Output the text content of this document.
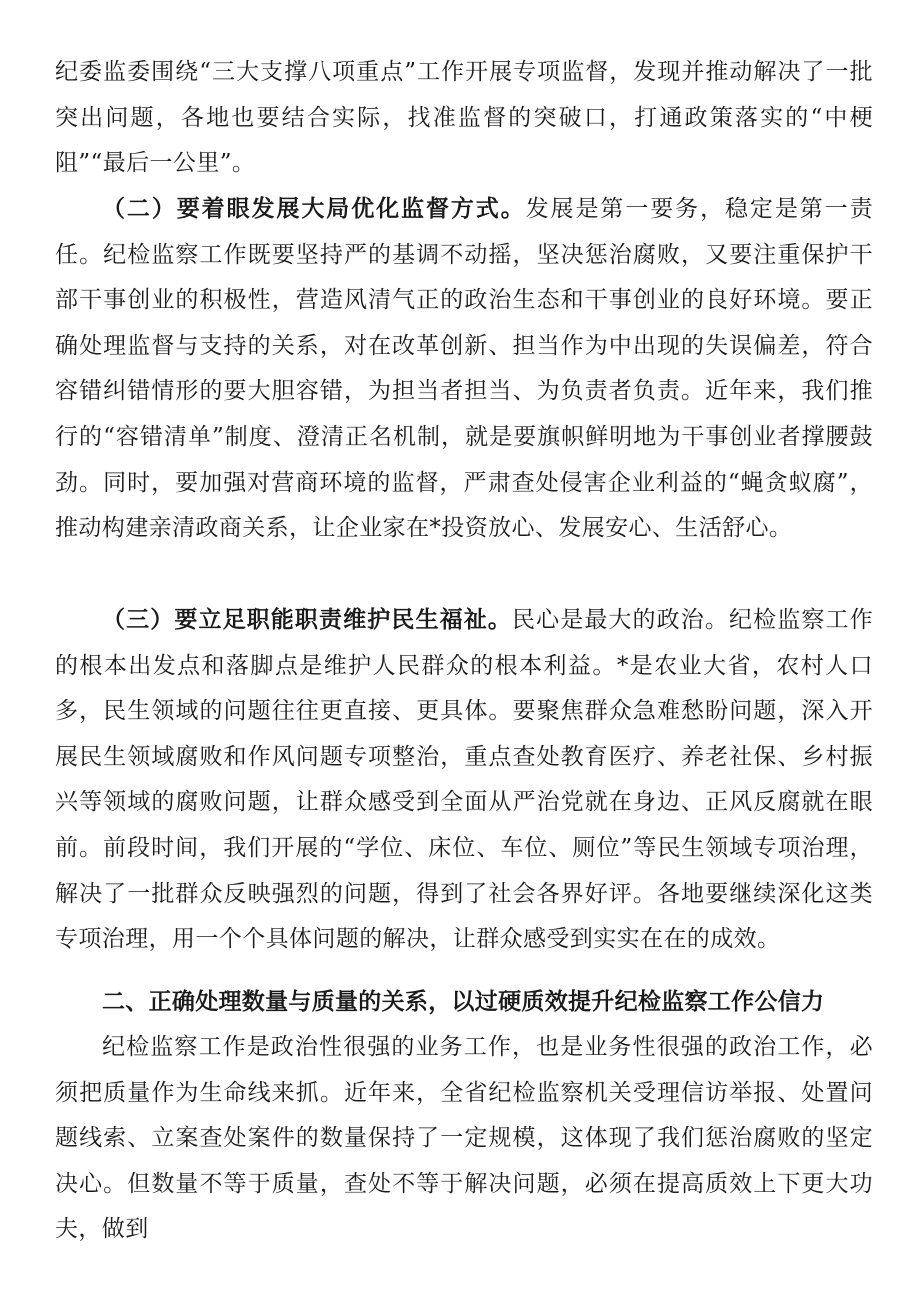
纪委监委围绕“三大支撑八项重点”工作开展专项监督，发现并推动解决了一批突出问题，各地也要结合实际，找准监督的突破口，打通政策落实的“中梗阻”“最后一公里”。

（二）要着眼发展大局优化监督方式。发展是第一要务，稳定是第一责任。纪检监察工作既要坚持严的基调不动摇，坚决惩治腐败，又要注重保护干部干事创业的积极性，营造风清气正的政治生态和干事创业的良好环境。要正确处理监督与支持的关系，对在改革创新、担当作为中出现的失误偏差，符合容错纠错情形的要大胆容错，为担当者担当、为负责者负责。近年来，我们推行的“容错清单”制度、澄清正名机制，就是要旗帜鲜明地为干事创业者撑腰鼓劲。同时，要加强对营商环境的监督，严肃查处侵害企业利益的“蝇贪蚁腐”，推动构建亲清政商关系，让企业家在*投资放心、发展安心、生活舒心。

（三）要立足职能职责维护民生福祉。民心是最大的政治。纪检监察工作的根本出发点和落脚点是维护人民群众的根本利益。*是农业大省，农村人口多，民生领域的问题往往更直接、更具体。要聚焦群众急难愁盼问题，深入开展民生领域腐败和作风问题专项整治，重点查处教育医疗、养老社保、乡村振兴等领域的腐败问题，让群众感受到全面从严治党就在身边、正风反腐就在眼前。前段时间，我们开展的“学位、床位、车位、厕位”等民生领域专项治理，解决了一批群众反映强烈的问题，得到了社会各界好评。各地要继续深化这类专项治理，用一个个具体问题的解决，让群众感受到实实在在的成效。

二、正确处理数量与质量的关系，以过硬质效提升纪检监察工作公信力

纪检监察工作是政治性很强的业务工作，也是业务性很强的政治工作，必须把质量作为生命线来抓。近年来，全省纪检监察机关受理信访举报、处置问题线索、立案查处案件的数量保持了一定规模，这体现了我们惩治腐败的坚定决心。但数量不等于质量，查处不等于解决问题，必须在提高质效上下更大功夫，做到
